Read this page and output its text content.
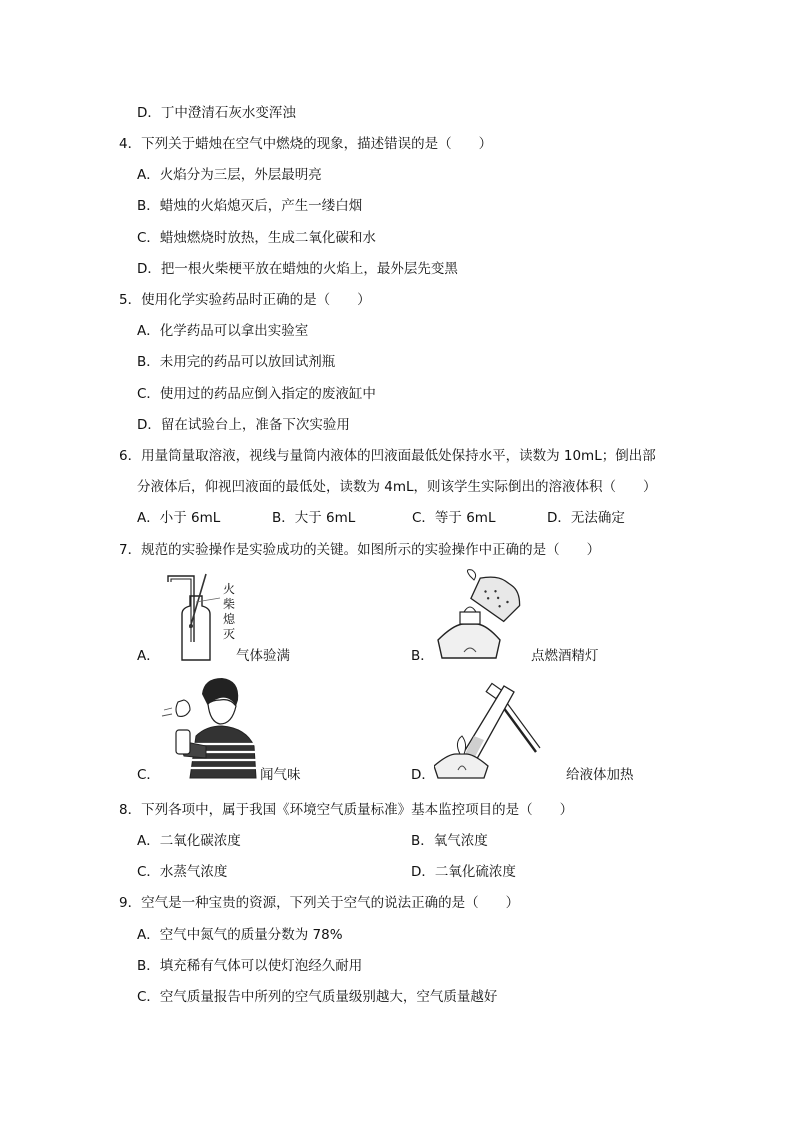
D．丁中澄清石灰水变浑浊
4．下列关于蜡烛在空气中燃烧的现象，描述错误的是（　　）
A．火焰分为三层，外层最明亮
B．蜡烛的火焰熄灭后，产生一缕白烟
C．蜡烛燃烧时放热，生成二氧化碳和水
D．把一根火柴梗平放在蜡烛的火焰上，最外层先变黑
5．使用化学实验药品时正确的是（　　）
A．化学药品可以拿出实验室
B．未用完的药品可以放回试剂瓶
C．使用过的药品应倒入指定的废液缸中
D．留在试验台上，准备下次实验用
6．用量筒量取溶液，视线与量筒内液体的凹液面最低处保持水平，读数为 10mL；倒出部
分液体后，仰视凹液面的最低处，读数为 4mL，则该学生实际倒出的溶液体积（　　）
A．小于 6mL	B．大于 6mL	C．等于 6mL	D．无法确定
7．规范的实验操作是实验成功的关键。如图所示的实验操作中正确的是（　　）
A．
火
柴
熄
灭
气体验满	B．	点燃酒精灯
C．	闻气味	D．	给液体加热
8．下列各项中，属于我国《环境空气质量标准》基本监控项目的是（　　）
A．二氧化碳浓度	B．氧气浓度
C．水蒸气浓度	D．二氧化硫浓度
9．空气是一种宝贵的资源，下列关于空气的说法正确的是（　　）
A．空气中氮气的质量分数为 78%
B．填充稀有气体可以使灯泡经久耐用
C．空气质量报告中所列的空气质量级别越大，空气质量越好
